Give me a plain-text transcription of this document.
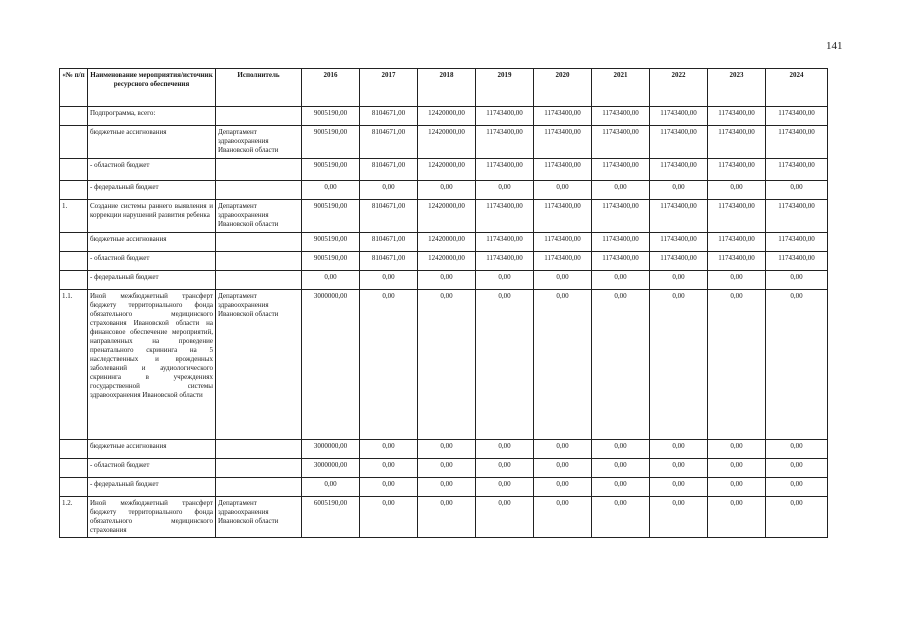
141
«№ п/п	Наименование мероприятия/источник ресурсного обеспечения	Исполнитель	2016	2017	2018	2019	2020	2021	2022	2023	2024
	Подпрограмма, всего:		9005190,00	8104671,00	12420000,00	11743400,00	11743400,00	11743400,00	11743400,00	11743400,00	11743400,00
	бюджетные ассигнования	Департамент здравоохранения Ивановской области	9005190,00	8104671,00	12420000,00	11743400,00	11743400,00	11743400,00	11743400,00	11743400,00	11743400,00
	- областной бюджет		9005190,00	8104671,00	12420000,00	11743400,00	11743400,00	11743400,00	11743400,00	11743400,00	11743400,00
	- федеральный бюджет		0,00	0,00	0,00	0,00	0,00	0,00	0,00	0,00	0,00
1.	Создание системы раннего выявления и коррекции нарушений развития ребенка	Департамент здравоохранения Ивановской области	9005190,00	8104671,00	12420000,00	11743400,00	11743400,00	11743400,00	11743400,00	11743400,00	11743400,00
	бюджетные ассигнования		9005190,00	8104671,00	12420000,00	11743400,00	11743400,00	11743400,00	11743400,00	11743400,00	11743400,00
	- областной бюджет		9005190,00	8104671,00	12420000,00	11743400,00	11743400,00	11743400,00	11743400,00	11743400,00	11743400,00
	- федеральный бюджет		0,00	0,00	0,00	0,00	0,00	0,00	0,00	0,00	0,00
1.1.	Иной межбюджетный трансферт бюджету территориального фонда обязательного медицинского страхования Ивановской области на финансовое обеспечение мероприятий, направленных на проведение пренатального скрининга на 5 наследственных и врожденных заболеваний и аудиологического скрининга в учреждениях государственной системы здравоохранения Ивановской области	Департамент здравоохранения Ивановской области	3000000,00	0,00	0,00	0,00	0,00	0,00	0,00	0,00	0,00
	бюджетные ассигнования		3000000,00	0,00	0,00	0,00	0,00	0,00	0,00	0,00	0,00
	- областной бюджет		3000000,00	0,00	0,00	0,00	0,00	0,00	0,00	0,00	0,00
	- федеральный бюджет		0,00	0,00	0,00	0,00	0,00	0,00	0,00	0,00	0,00
1.2.	Иной межбюджетный трансферт бюджету территориального фонда обязательного медицинского страхования	Департамент здравоохранения Ивановской области	6005190,00	0,00	0,00	0,00	0,00	0,00	0,00	0,00	0,00
